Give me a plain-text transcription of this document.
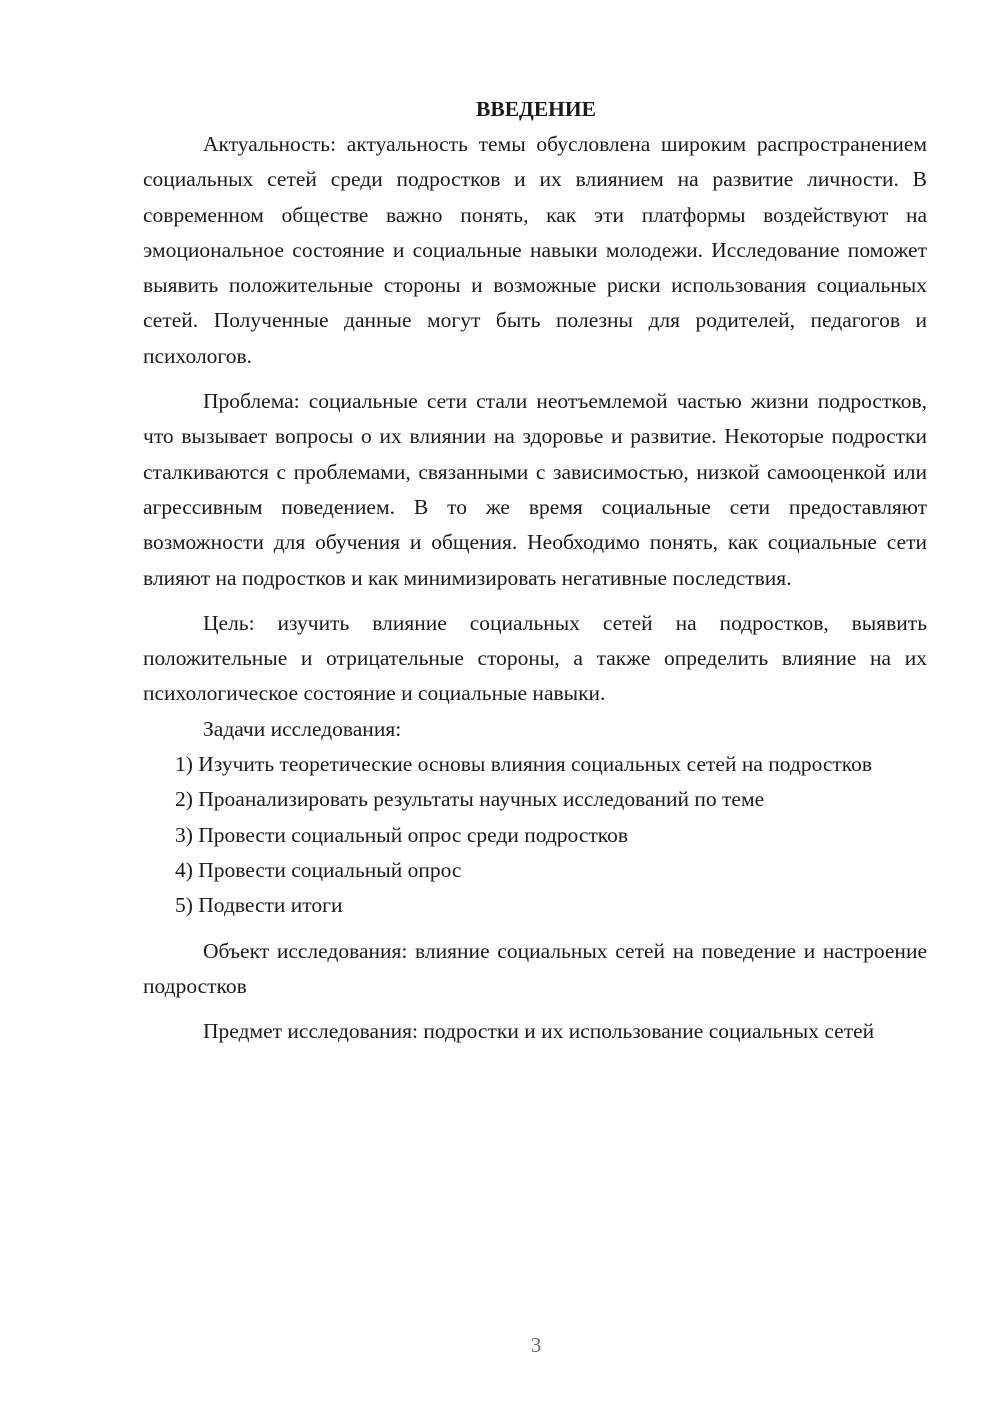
ВВЕДЕНИЕ

Актуальность: актуальность темы обусловлена широким распространением социальных сетей среди подростков и их влиянием на развитие личности. В современном обществе важно понять, как эти платформы воздействуют на эмоциональное состояние и социальные навыки молодежи. Исследование поможет выявить положительные стороны и возможные риски использования социальных сетей. Полученные данные могут быть полезны для родителей, педагогов и психологов.

Проблема: социальные сети стали неотъемлемой частью жизни подростков, что вызывает вопросы о их влиянии на здоровье и развитие. Некоторые подростки сталкиваются с проблемами, связанными с зависимостью, низкой самооценкой или агрессивным поведением. В то же время социальные сети предоставляют возможности для обучения и общения. Необходимо понять, как социальные сети влияют на подростков и как минимизировать негативные последствия.

Цель: изучить влияние социальных сетей на подростков, выявить положительные и отрицательные стороны, а также определить влияние на их психологическое состояние и социальные навыки.

Задачи исследования:

1) Изучить теоретические основы влияния социальных сетей на подростков

2) Проанализировать результаты научных исследований по теме

3) Провести социальный опрос среди подростков

4) Провести социальный опрос

5) Подвести итоги

Объект исследования: влияние социальных сетей на поведение и настроение подростков

Предмет исследования: подростки и их использование социальных сетей

3
